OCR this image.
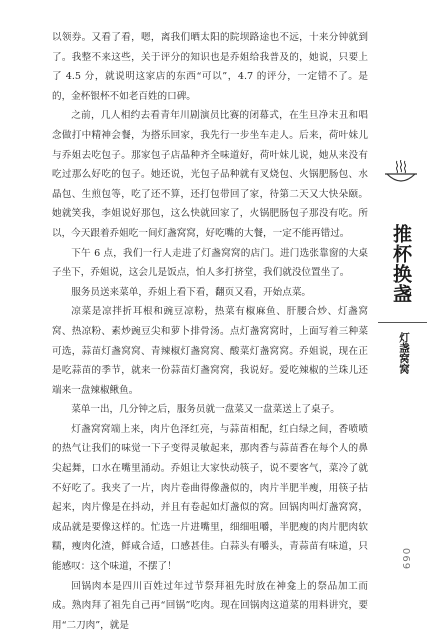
以领券。又看了看，嗯，离我们晒太阳的院坝路途也不远，十来分钟就到了。我整不来这些，关于评分的知识也是乔姐给我普及的，她说，只要上了 4.5 分，就说明这家店的东西“可以”，4.7 的评分，一定错不了。是的，金杯银杯不如老百姓的口碑。

之前，几人相约去看青年川剧演员比赛的闭幕式，在生旦净末丑和唱念做打中精神会餐，为搭乐回家，我先行一步坐车走人。后来，荷叶妹儿与乔姐去吃包子。那家包子店晶种齐全味道好，荷叶妹儿说，她从来没有吃过那么好吃的包子。她还说，光包子品种就有叉烧包、火锅肥肠包、水晶包、生煎包等，吃了还不算，还打包带回了家，待第二天又大快朵颐。她就笑我，李姐说好那包，这么快就回家了，火锅肥肠包子那没有吃。所以，今天跟着乔姐吃一间灯盏窝窝，好吃嘴的大餐，一定不能再错过。

下午 6 点，我们一行人走进了灯盏窝窝的店门。进门选张靠窗的大桌子坐下，乔姐说，这会儿是饭点，怕人多打挤堂，我们就没位置坐了。

服务员送来菜单，乔姐上看下看，翻页又看，开始点菜。

凉菜是凉拌折耳根和豌豆凉粉，热菜有椒麻鱼、肝腰合炒、灯盏窝窝、热凉粉、素炒豌豆尖和萝卜排骨汤。点灯盏窝窝时，上面写着三种菜可选，蒜苗灯盏窝窝、青辣椒灯盏窝窝、酸菜灯盏窝窝。乔姐说，现在正是吃蒜苗的季节，就来一份蒜苗灯盏窝窝，我说好。爱吃辣椒的兰珠儿还端来一盘辣椒鳅鱼。

菜单一出，几分钟之后，服务员就一盘菜又一盘菜送上了桌子。

灯盏窝窝端上来，肉片色泽红亮，与蒜苗相配，红白绿之间，香喷喷的热气让我们的味觉一下子变得灵敏起来，那肉香与蒜苗香在每个人的鼻尖起舞，口水在嘴里涌动。乔姐让大家快动筷子，说不要客气，菜冷了就不好吃了。我夹了一片，肉片卷曲得像盏似的，肉片半肥半瘦，用筷子拈起来，肉片像是在抖动，并且有卷起如灯盏似的窝。回锅肉叫灯盏窝窝，成品就是要像这样的。忙选一片进嘴里，细细咀嚼，半肥瘦的肉片肥肉软糯，瘦肉化渣，鲜咸合适，口感甚佳。白蒜头有嚼头，青蒜苗有味道，只能感叹：这个味道，不摆了！

回锅肉本是四川百姓过年过节祭拜祖先时放在神龛上的祭品加工而成。熟肉拜了祖先自己再“回锅”吃肉。现在回锅肉这道菜的用料讲究，要用“二刀肉”，就是

推杯换盏
灯盏窝窝
069
